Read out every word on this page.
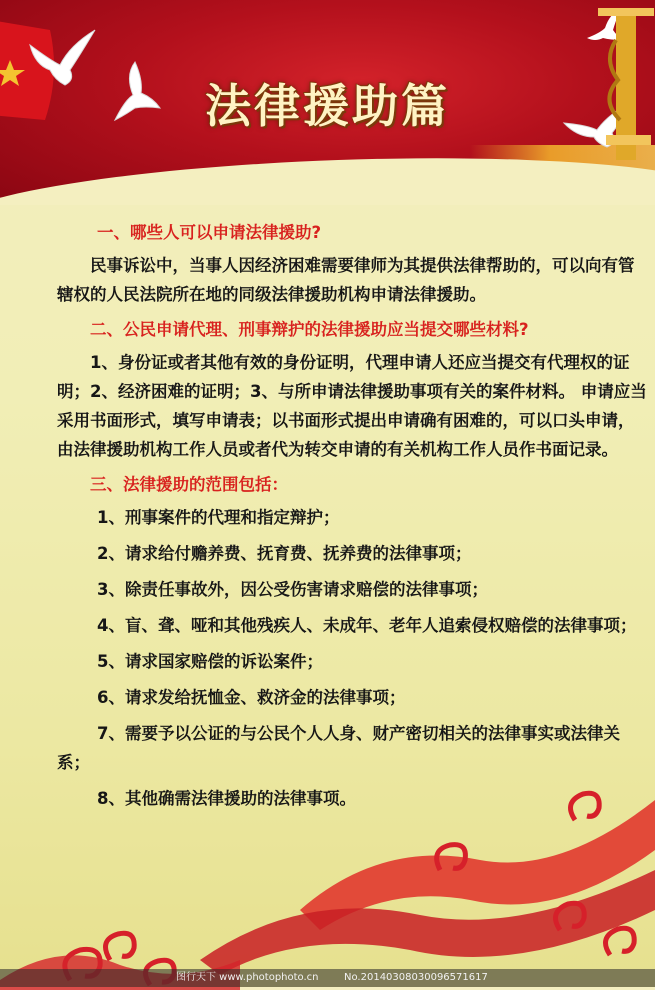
法律援助篇
一、哪些人可以申请法律援助?
民事诉讼中，当事人因经济困难需要律师为其提供法律帮助的，可以向有管辖权的人民法院所在地的同级法律援助机构申请法律援助。
二、公民申请代理、刑事辩护的法律援助应当提交哪些材料?
1、身份证或者其他有效的身份证明，代理申请人还应当提交有代理权的证明；2、经济困难的证明；3、与所申请法律援助事项有关的案件材料。 申请应当采用书面形式，填写申请表；以书面形式提出申请确有困难的，可以口头申请，由法律援助机构工作人员或者代为转交申请的有关机构工作人员作书面记录。
三、法律援助的范围包括：
1、刑事案件的代理和指定辩护；
2、请求给付赡养费、抚育费、抚养费的法律事项；
3、除责任事故外，因公受伤害请求赔偿的法律事项；
4、盲、聋、哑和其他残疾人、未成年、老年人追索侵权赔偿的法律事项；
5、请求国家赔偿的诉讼案件；
6、请求发给抚恤金、救济金的法律事项；
7、需要予以公证的与公民个人人身、财产密切相关的法律事实或法律关系；
8、其他确需法律援助的法律事项。
图行天下 www.photophoto.cn	No.20140308030096571617
